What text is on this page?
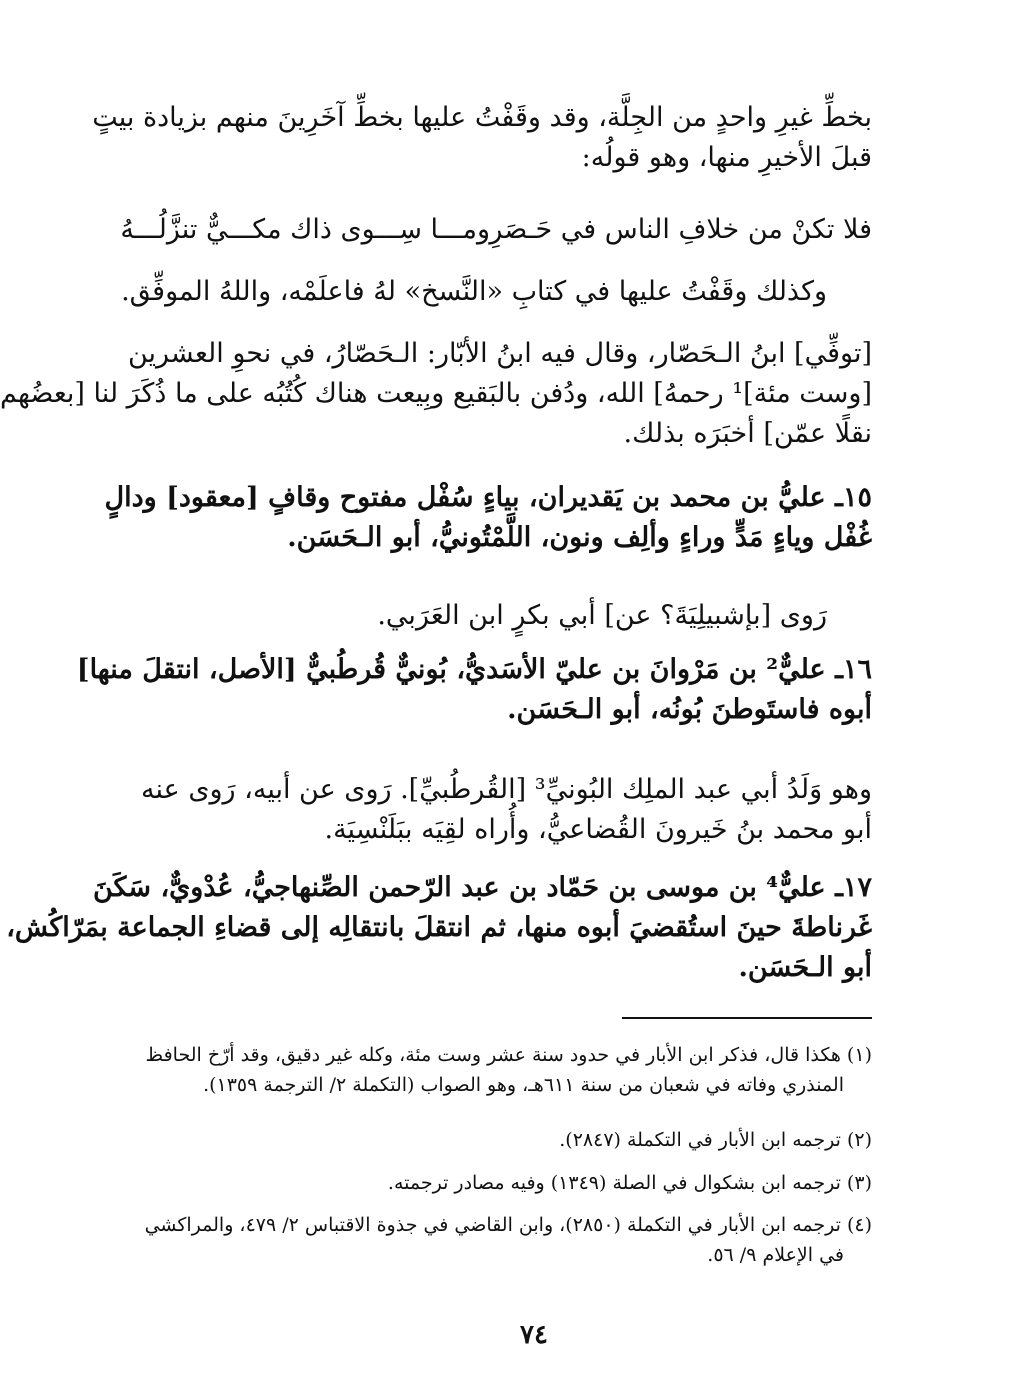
بخطِّ غيرِ واحدٍ من الجِلَّة، وقد وقَفْتُ عليها بخطِّ آخَرِينَ منهم بزيادة بيتٍ
قبلَ الأخيرِ منها، وهو قولُه:
فلا تكنْ من خلافِ الناس في حَـصَرِ
ومـــا سِـــوى ذاك مكـــيٌّ تنزَّلُـــهُ
وكذلك وقَفْتُ عليها في كتابِ «النَّسخ» لهُ فاعلَمْه، واللهُ الموفِّق.
[توفِّي] ابنُ الـحَصّار، وقال فيه ابنُ الأبّار: الـحَصّارُ، في نحوِ العشرين
[وست مئة]¹ رحمهُ] الله، ودُفن بالبَقيع وبِيعت هناك كُتُبُه على ما ذُكَرَ لنا [بعضُهم
نقلًا عمّن] أخبَرَه بذلك.
١٥ـ عليُّ بن محمد بن يَقديران، بياءٍ سُفْل مفتوح وقافٍ [معقود] ودالٍ
غُفْل وياءٍ مَدٍّ وراءٍ وألِف ونون، اللَّمْتُونيُّ، أبو الـحَسَن.
رَوى [بإشبيلِيَةَ؟ عن] أبي بكرٍ ابن العَرَبي.
١٦ـ عليٌّ² بن مَرْوانَ بن عليّ الأسَديُّ، بُونيٌّ قُرطُبيٌّ [الأصل، انتقلَ منها]
أبوه فاستَوطنَ بُونُه، أبو الـحَسَن.
وهو وَلَدُ أبي عبد الملِك البُونيِّ³ [القُرطُبيِّ]. رَوى عن أبيه، رَوى عنه
أبو محمد بنُ خَيرونَ القُضاعيُّ، وأُراه لقِيَه ببَلَنْسِيَة.
١٧ـ عليٌّ⁴ بن موسى بن حَمّاد بن عبد الرّحمن الصِّنهاجيُّ، عُدْويٌّ، سَكَنَ
غَرناطةَ حينَ استُقضيَ أبوه منها، ثم انتقلَ بانتقالِه إلى قضاءِ الجماعة بمَرّاكُش،
أبو الـحَسَن.
(١) هكذا قال، فذكر ابن الأبار في حدود سنة عشر وست مئة، وكله غير دقيق، وقد أرّخ الحافظ
المنذري وفاته في شعبان من سنة ٦١١هـ، وهو الصواب (التكملة ٢/ الترجمة ١٣٥٩).
(٢) ترجمه ابن الأبار في التكملة (٢٨٤٧).
(٣) ترجمه ابن بشكوال في الصلة (١٣٤٩) وفيه مصادر ترجمته.
(٤) ترجمه ابن الأبار في التكملة (٢٨٥٠)، وابن القاضي في جذوة الاقتباس ٢/ ٤٧٩، والمراكشي
في الإعلام ٩/ ٥٦.
٧٤
